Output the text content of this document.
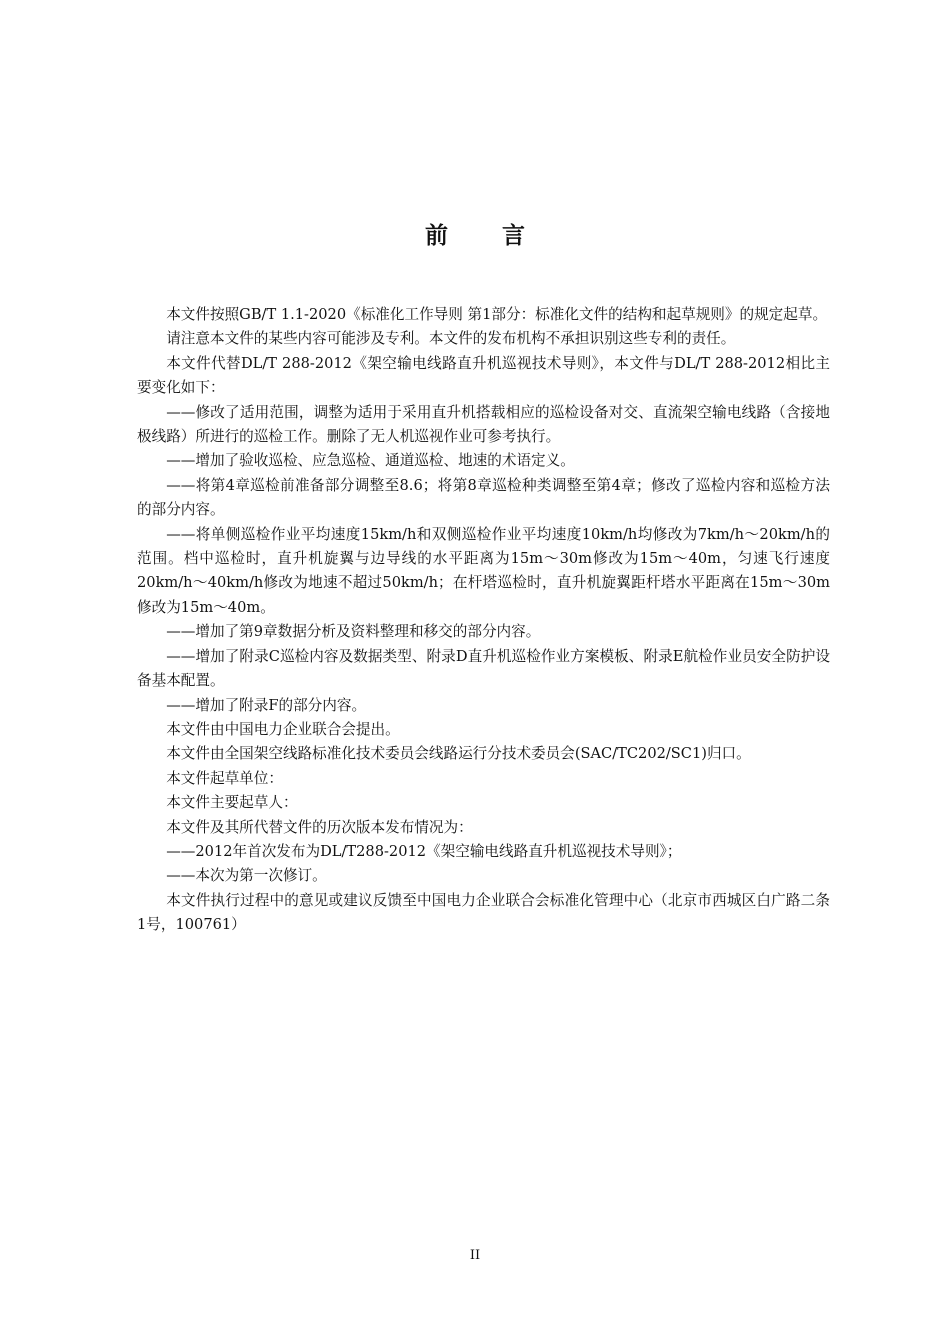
前言

本文件按照GB/T 1.1-2020《标准化工作导则 第1部分：标准化文件的结构和起草规则》的规定起草。

请注意本文件的某些内容可能涉及专利。本文件的发布机构不承担识别这些专利的责任。

本文件代替DL/T 288-2012《架空输电线路直升机巡视技术导则》，本文件与DL/T 288-2012相比主要变化如下：

——修改了适用范围，调整为适用于采用直升机搭载相应的巡检设备对交、直流架空输电线路（含接地极线路）所进行的巡检工作。删除了无人机巡视作业可参考执行。

——增加了验收巡检、应急巡检、通道巡检、地速的术语定义。

——将第4章巡检前准备部分调整至8.6；将第8章巡检种类调整至第4章；修改了巡检内容和巡检方法的部分内容。

——将单侧巡检作业平均速度15km/h和双侧巡检作业平均速度10km/h均修改为7km/h～20km/h的范围。档中巡检时，直升机旋翼与边导线的水平距离为15m～30m修改为15m～40m，匀速飞行速度20km/h～40km/h修改为地速不超过50km/h；在杆塔巡检时，直升机旋翼距杆塔水平距离在15m～30m修改为15m～40m。

——增加了第9章数据分析及资料整理和移交的部分内容。

——增加了附录C巡检内容及数据类型、附录D直升机巡检作业方案模板、附录E航检作业员安全防护设备基本配置。

——增加了附录F的部分内容。

本文件由中国电力企业联合会提出。

本文件由全国架空线路标准化技术委员会线路运行分技术委员会(SAC/TC202/SC1)归口。

本文件起草单位：

本文件主要起草人：

本文件及其所代替文件的历次版本发布情况为：

——2012年首次发布为DL/T288-2012《架空输电线路直升机巡视技术导则》；

——本次为第一次修订。

本文件执行过程中的意见或建议反馈至中国电力企业联合会标准化管理中心（北京市西城区白广路二条1号，100761）

II
